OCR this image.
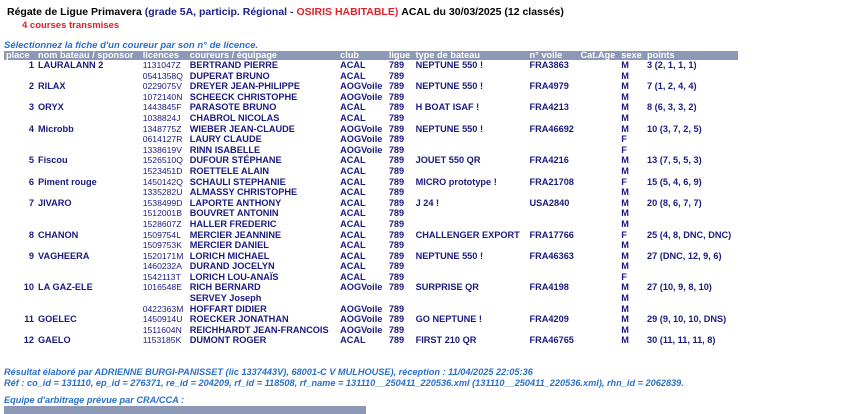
Régate de Ligue Primavera (grade 5A, particip. Régional - OSIRIS HABITABLE) ACAL du 30/03/2025 (12 classés)
4 courses transmises
Sélectionnez la fiche d'un coureur par son n° de licence.
place	nom bateau / sponsor	licences	coureurs / équipage	club	ligue	type de bateau	n° voile	Cat.Age	sexe	points
1	LAURALANN 2	1131047Z	BERTRAND PIERRE	ACAL	789	NEPTUNE 550 !	FRA3863		M	3 (2, 1, 1, 1)
		0541358Q	DUPERAT BRUNO	ACAL	789				M	
2	RILAX	0229075V	DREYER JEAN-PHILIPPE	AOGVoile	789	NEPTUNE 550 !	FRA4979		M	7 (1, 2, 4, 4)
		1072140N	SCHEECK CHRISTOPHE	AOGVoile	789				M	
3	ORYX	1443845F	PARASOTE BRUNO	ACAL	789	H BOAT ISAF !	FRA4213		M	8 (6, 3, 3, 2)
		1038824J	CHABROL NICOLAS	ACAL	789				M	
4	Microbb	1348775Z	WIEBER JEAN-CLAUDE	AOGVoile	789	NEPTUNE 550 !	FRA46692		M	10 (3, 7, 2, 5)
		0614127R	LAURY CLAUDE	AOGVoile	789				F	
		1338619V	RINN ISABELLE	AOGVoile	789				F	
5	Fiscou	1526510Q	DUFOUR STÉPHANE	ACAL	789	JOUET 550 QR	FRA4216		M	13 (7, 5, 5, 3)
		1523451D	ROETTELE ALAIN	ACAL	789				M	
6	Piment rouge	1450142Q	SCHAULI STEPHANIE	ACAL	789	MICRO prototype !	FRA21708		F	15 (5, 4, 6, 9)
		1335282U	ALMASSY CHRISTOPHE	ACAL	789				M	
7	JIVARO	1538499D	LAPORTE ANTHONY	ACAL	789	J 24 !	USA2840		M	20 (8, 6, 7, 7)
		1512001B	BOUVRET ANTONIN	ACAL	789				M	
		1528607Z	HALLER FREDERIC	ACAL	789				M	
8	CHANON	1509754L	MERCIER JEANNINE	ACAL	789	CHALLENGER EXPORT	FRA17766		F	25 (4, 8, DNC, DNC)
		1509753K	MERCIER DANIEL	ACAL	789				M	
9	VAGHEERA	1520171M	LORICH MICHAEL	ACAL	789	NEPTUNE 550 !	FRA46363		M	27 (DNC, 12, 9, 6)
		1460232A	DURAND JOCELYN	ACAL	789				M	
		1542113T	LORICH LOU-ANAÏS	ACAL	789				F	
10	LA GAZ-ELE	1016548E	RICH BERNARD	AOGVoile	789	SURPRISE QR	FRA4198		M	27 (10, 9, 8, 10)
			SERVEY Joseph						M	
		0422363M	HOFFART DIDIER	AOGVoile	789				M	
11	GOELEC	1450914U	ROECKER JONATHAN	AOGVoile	789	GO NEPTUNE !	FRA4209		M	29 (9, 10, 10, DNS)
		1511604N	REICHHARDT JEAN-FRANCOIS	AOGVoile	789				M	
12	GAELO	1153185K	DUMONT ROGER	ACAL	789	FIRST 210 QR	FRA46765		M	30 (11, 11, 11, 8)
Résultat élaboré par ADRIENNE BURGI-PANISSET (lic 1337443V), 68001-C V MULHOUSE), réception : 11/04/2025 22:05:36
Réf : co_id = 131110, ep_id = 276371, re_id = 204209, rf_id = 118508, rf_name = 131110__250411_220536.xml (131110__250411_220536.xml), rhn_id = 2062839.
Equipe d'arbitrage prévue par CRA/CCA :
